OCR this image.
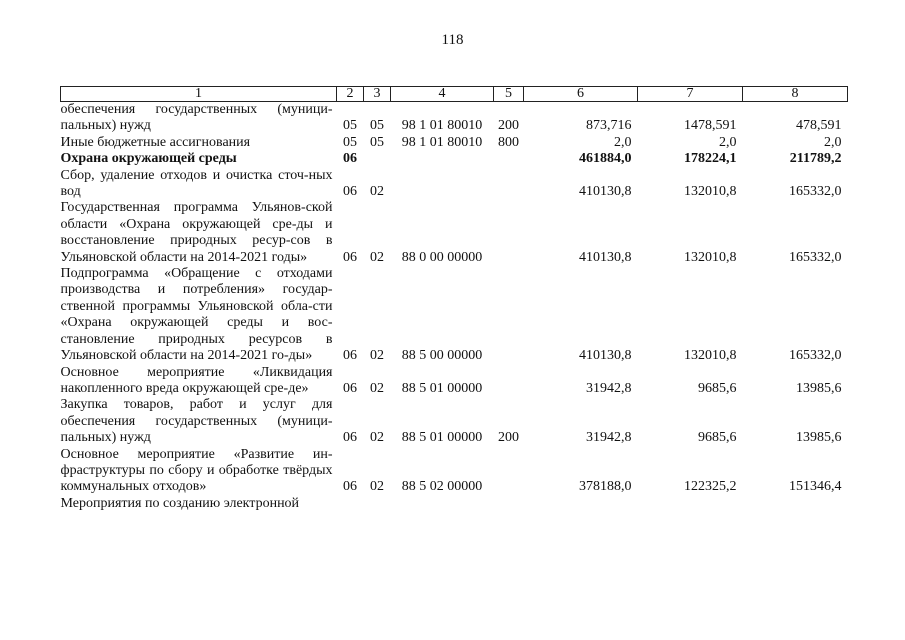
118
1	2	3	4	5	6	7	8
обеспечения государственных (муници-пальных) нужд	05	05	98 1 01 80010	200	873,716	1478,591	478,591
Иные бюджетные ассигнования	05	05	98 1 01 80010	800	2,0	2,0	2,0
Охрана окружающей среды	06				461884,0	178224,1	211789,2
Сбор, удаление отходов и очистка сточ-ных вод	06	02			410130,8	132010,8	165332,0
Государственная программа Ульянов-ской области «Охрана окружающей сре-ды и восстановление природных ресур-сов в Ульяновской области на 2014-2021 годы»	06	02	88 0 00 00000		410130,8	132010,8	165332,0
Подпрограмма «Обращение с отходами производства и потребления» государ-ственной программы Ульяновской обла-сти «Охрана окружающей среды и вос-становление природных ресурсов в Ульяновской области на 2014-2021 го-ды»	06	02	88 5 00 00000		410130,8	132010,8	165332,0
Основное мероприятие «Ликвидация накопленного вреда окружающей сре-де»	06	02	88 5 01 00000		31942,8	9685,6	13985,6
Закупка товаров, работ и услуг для обеспечения государственных (муници-пальных) нужд	06	02	88 5 01 00000	200	31942,8	9685,6	13985,6
Основное мероприятие «Развитие ин-фраструктуры по сбору и обработке твёрдых коммунальных отходов»	06	02	88 5 02 00000		378188,0	122325,2	151346,4
Мероприятия по созданию электронной							
